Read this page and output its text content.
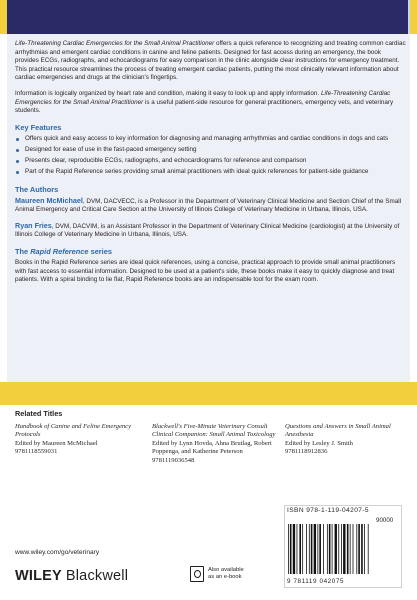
Life-Threatening Cardiac Emergencies for the Small Animal Practitioner offers a quick reference to recognizing and treating common cardiac arrhythmias and emergent cardiac conditions in canine and feline patients. Designed for fast access during an emergency, the book provides ECGs, radiographs, and echocardiograms for easy comparison in the clinic alongside clear instructions for emergency treatment. This practical resource streamlines the process of treating emergent cardiac patients, putting the most clinically relevant information about cardiac emergencies and drugs at the clinician's fingertips.

Information is logically organized by heart rate and condition, making it easy to look up and apply information. Life-Threatening Cardiac Emergencies for the Small Animal Practitioner is a useful patient-side resource for general practitioners, emergency vets, and veterinary students.

Key Features
Offers quick and easy access to key information for diagnosing and managing arrhythmias and cardiac conditions in dogs and cats
Designed for ease of use in the fast-paced emergency setting
Presents clear, reproducible ECGs, radiographs, and echocardiograms for reference and comparison
Part of the Rapid Reference series providing small animal practitioners with ideal quick references for patient-side guidance
The Authors

Maureen McMichael, DVM, DACVECC, is a Professor in the Department of Veterinary Clinical Medicine and Section Chief of the Small Animal Emergency and Critical Care Section at the University of Illinois College of Veterinary Medicine in Urbana, Illinois, USA.

Ryan Fries, DVM, DACVIM, is an Assistant Professor in the Department of Veterinary Clinical Medicine (cardiologist) at the University of Illinois College of Veterinary Medicine in Urbana, Illinois, USA.

The Rapid Reference series

Books in the Rapid Reference series are ideal quick references, using a concise, practical approach to provide small animal practitioners with fast access to essential information. Designed to be used at a patient's side, these books make it easy to quickly diagnose and treat patients. With a spiral binding to lie flat, Rapid Reference books are an indispensable tool for the exam room.

Related Titles
Handbook of Canine and Feline Emergency Protocols
Edited by Maureen McMichael
9781118559031
Blackwell's Five-Minute Veterinary Consult Clinical Companion: Small Animal Toxicology
Edited by Lynn Hovda, Ahna Brutlag, Robert Poppenga, and Katherine Peterson
9781119036548
Questions and Answers in Small Animal Anesthesia
Edited by Lesley J. Smith
9781118912836
ISBN 978-1-119-04207-5
90000
9 781119 042075
www.wiley.com/go/veterinary
WILEY Blackwell	Also available
as an e-book
